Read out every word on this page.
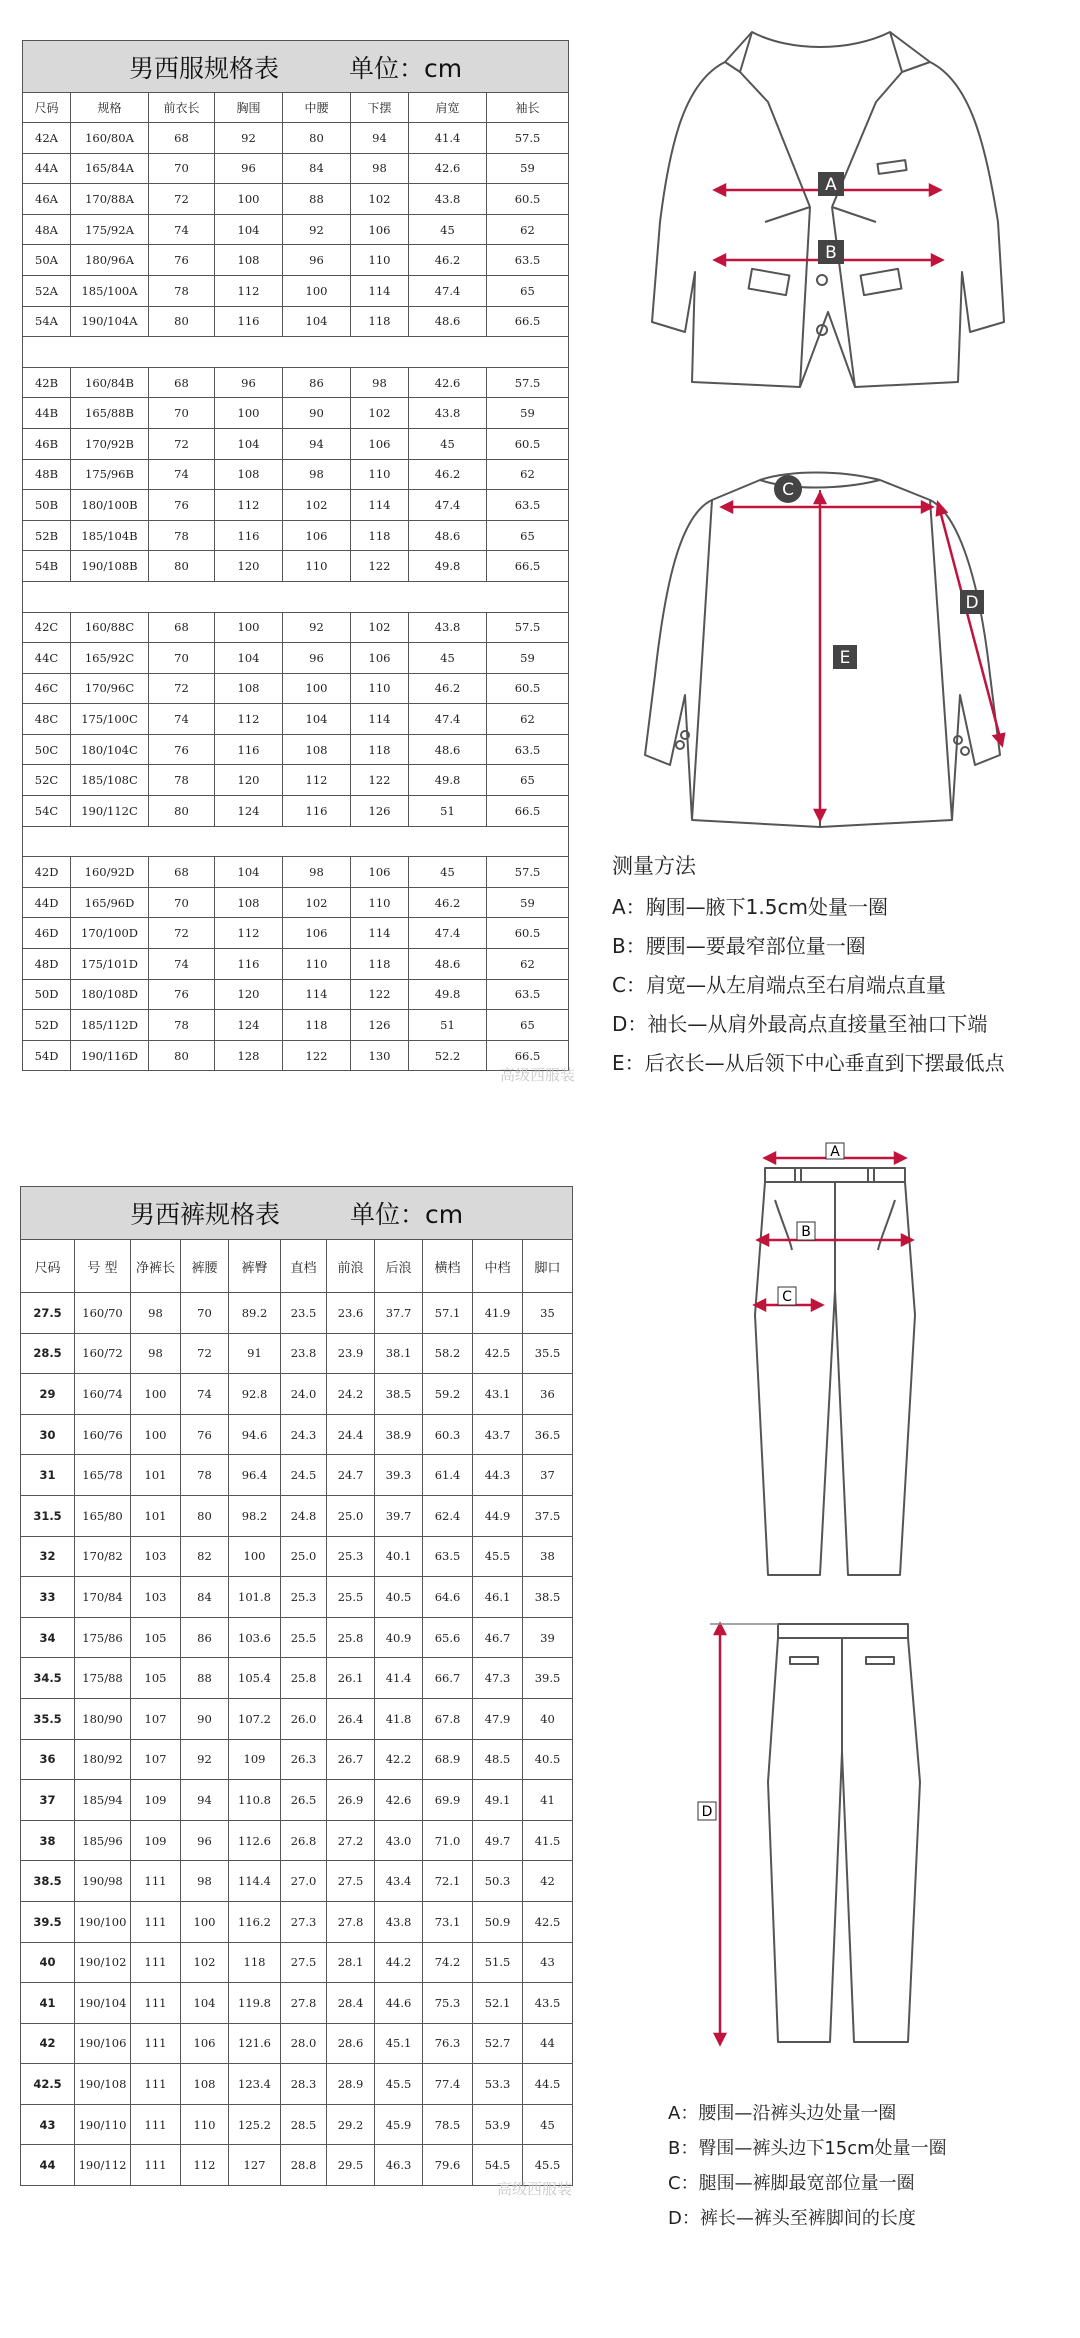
男西服规格表 单位：cm							
尺码	规格	前衣长	胸围	中腰	下摆	肩宽	袖长
42A	160/80A	68	92	80	94	41.4	57.5
44A	165/84A	70	96	84	98	42.6	59
46A	170/88A	72	100	88	102	43.8	60.5
48A	175/92A	74	104	92	106	45	62
50A	180/96A	76	108	96	110	46.2	63.5
52A	185/100A	78	112	100	114	47.4	65
54A	190/104A	80	116	104	118	48.6	66.5

42B	160/84B	68	96	86	98	42.6	57.5
44B	165/88B	70	100	90	102	43.8	59
46B	170/92B	72	104	94	106	45	60.5
48B	175/96B	74	108	98	110	46.2	62
50B	180/100B	76	112	102	114	47.4	63.5
52B	185/104B	78	116	106	118	48.6	65
54B	190/108B	80	120	110	122	49.8	66.5

42C	160/88C	68	100	92	102	43.8	57.5
44C	165/92C	70	104	96	106	45	59
46C	170/96C	72	108	100	110	46.2	60.5
48C	175/100C	74	112	104	114	47.4	62
50C	180/104C	76	116	108	118	48.6	63.5
52C	185/108C	78	120	112	122	49.8	65
54C	190/112C	80	124	116	126	51	66.5

42D	160/92D	68	104	98	106	45	57.5
44D	165/96D	70	108	102	110	46.2	59
46D	170/100D	72	112	106	114	47.4	60.5
48D	175/101D	74	116	110	118	48.6	62
50D	180/108D	76	120	114	122	49.8	63.5
52D	185/112D	78	124	118	126	51	65
54D	190/116D	80	128	122	130	52.2	66.5
A
B
C
E
D
测量方法
A：胸围—腋下1.5cm处量一圈
B：腰围—要最窄部位量一圈
C：肩宽—从左肩端点至右肩端点直量
D：袖长—从肩外最高点直接量至袖口下端
E：后衣长—从后领下中心垂直到下摆最低点
高级西服装
男西裤规格表 单位：cm										
尺码	号 型	净裤长	裤腰	裤臀	直档	前浪	后浪	横档	中档	脚口
27.5	160/70	98	70	89.2	23.5	23.6	37.7	57.1	41.9	35
28.5	160/72	98	72	91	23.8	23.9	38.1	58.2	42.5	35.5
29	160/74	100	74	92.8	24.0	24.2	38.5	59.2	43.1	36
30	160/76	100	76	94.6	24.3	24.4	38.9	60.3	43.7	36.5
31	165/78	101	78	96.4	24.5	24.7	39.3	61.4	44.3	37
31.5	165/80	101	80	98.2	24.8	25.0	39.7	62.4	44.9	37.5
32	170/82	103	82	100	25.0	25.3	40.1	63.5	45.5	38
33	170/84	103	84	101.8	25.3	25.5	40.5	64.6	46.1	38.5
34	175/86	105	86	103.6	25.5	25.8	40.9	65.6	46.7	39
34.5	175/88	105	88	105.4	25.8	26.1	41.4	66.7	47.3	39.5
35.5	180/90	107	90	107.2	26.0	26.4	41.8	67.8	47.9	40
36	180/92	107	92	109	26.3	26.7	42.2	68.9	48.5	40.5
37	185/94	109	94	110.8	26.5	26.9	42.6	69.9	49.1	41
38	185/96	109	96	112.6	26.8	27.2	43.0	71.0	49.7	41.5
38.5	190/98	111	98	114.4	27.0	27.5	43.4	72.1	50.3	42
39.5	190/100	111	100	116.2	27.3	27.8	43.8	73.1	50.9	42.5
40	190/102	111	102	118	27.5	28.1	44.2	74.2	51.5	43
41	190/104	111	104	119.8	27.8	28.4	44.6	75.3	52.1	43.5
42	190/106	111	106	121.6	28.0	28.6	45.1	76.3	52.7	44
42.5	190/108	111	108	123.4	28.3	28.9	45.5	77.4	53.3	44.5
43	190/110	111	110	125.2	28.5	29.2	45.9	78.5	53.9	45
44	190/112	111	112	127	28.8	29.5	46.3	79.6	54.5	45.5
A
B
C
D
A：腰围—沿裤头边处量一圈
B：臀围—裤头边下15cm处量一圈
C：腿围—裤脚最宽部位量一圈
D：裤长—裤头至裤脚间的长度
高级西服装
